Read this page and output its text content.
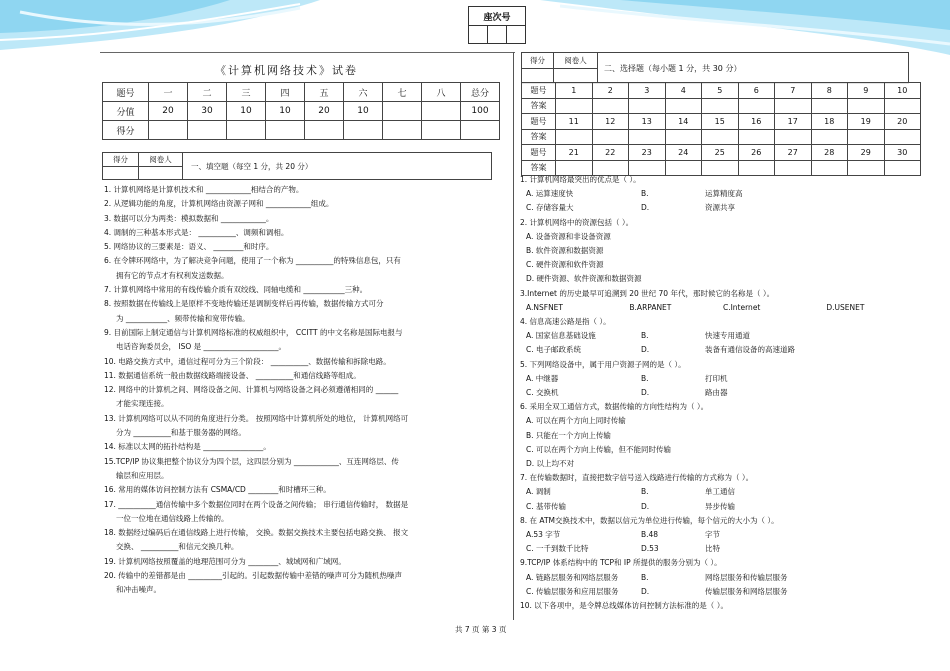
座次号
《计算机网络技术》试卷
题号	一	二	三	四	五	六	七	八	总分
分值	20	30	10	10	20	10			100
得分									
得分	阅卷人
一、填空题（每空 1 分，共 20 分）
1. 计算机网络是计算机技术和 ____________相结合的产物。
2. 从逻辑功能的角度，计算机网络由资源子网和 ____________组成。
3. 数据可以分为两类：模拟数据和 ____________。
4. 调制的三种基本形式是： __________、调频和调相。
5. 网络协议的三要素是：语义、 ________和时序。
6. 在令牌环网络中，为了解决竞争问题，使用了一个称为 __________的特殊信息包，只有
拥有它的节点才有权利发送数据。
7. 计算机网络中常用的有线传输介质有双绞线、同轴电缆和 ___________三种。
8. 按照数据在传输线上是原样不变地传输还是调制变样后再传输，数据传输方式可分
为 ___________、频带传输和宽带传输。
9. 目前国际上制定通信与计算机网络标准的权威组织中， CCITT 的中文名称是国际电报与
电话咨询委员会， ISO 是 ____________________。
10. 电路交换方式中，通信过程可分为三个阶段： __________、数据传输和拆除电路。
11. 数据通信系统一般由数据线路端接设备、 __________和通信线路等组成。
12. 网络中的计算机之间、网络设备之间、计算机与网络设备之间必须遵循相同的 ______
才能实现连接。
13. 计算机网络可以从不同的角度进行分类。 按照网络中计算机所处的地位， 计算机网络可
分为 __________和基于服务器的网络。
14. 标准以太网的拓扑结构是 ________________。
15.TCP/IP 协议集把整个协议分为四个层，这四层分别为 ____________、互连网络层、传
输层和应用层。
16. 常用的媒体访问控制方法有 CSMA/CD ________和时槽环三种。
17. __________通信传输中多个数据位同时在两个设备之间传输； 串行通信传输时， 数据是
一位一位地在通信线路上传输的。
18. 数据经过编码后在通信线路上进行传输， 交换。数据交换技术主要包括电路交换、 报文
交换、 __________和信元交换几种。
19. 计算机网络按照覆盖的地理范围可分为 ________、城域网和广域网。
20. 传输中的差错都是由 _________引起的。引起数据传输中差错的噪声可分为随机热噪声
和冲击噪声。
得分	阅卷人
二、选择题（每小题 1 分，共 30 分）
题号	1	2	3	4	5	6	7	8	9	10
答案										
题号	11	12	13	14	15	16	17	18	19	20
答案										
题号	21	22	23	24	25	26	27	28	29	30
答案										
1. 计算机网络最突出的优点是（ ）。
A. 运算速度快	B.	运算精度高
C. 存储容量大	D.	资源共享
2. 计算机网络中的资源包括（ ）。
A. 设备资源和非设备资源
B. 软件资源和数据资源
C. 硬件资源和软件资源
D. 硬件资源、软件资源和数据资源
3.Internet 的历史最早可追溯到 20 世纪 70 年代，那时候它的名称是（ ）。
A.NSFNET	B.ARPANET	C.Internet	D.USENET
4. 信息高速公路是指（ ）。
A. 国家信息基础设施	B.	快速专用通道
C. 电子邮政系统	D.	装备有通信设备的高速道路
5. 下列网络设备中，属于用户资源子网的是（ ）。
A. 中继器	B.	打印机
C. 交换机	D.	路由器
6. 采用全双工通信方式，数据传输的方向性结构为（ ）。
A. 可以在两个方向上同时传输
B. 只能在一个方向上传输
C. 可以在两个方向上传输，但不能同时传输
D. 以上均不对
7. 在传输数据时，直接把数字信号送入线路进行传输的方式称为（ ）。
A. 调制	B.	单工通信
C. 基带传输	D.	异步传输
8. 在 ATM交换技术中，数据以信元为单位进行传输，每个信元的大小为（ ）。
A.53 字节	B.48	字节
C. 一千到数千比特	D.53	比特
9.TCP/IP 体系结构中的 TCP和 IP 所提供的服务分别为（ ）。
A. 链路层服务和网络层服务	B.	网络层服务和传输层服务
C. 传输层服务和应用层服务	D.	传输层服务和网络层服务
10. 以下各项中，是令牌总线媒体访问控制方法标准的是（ ）。
共 7 页 第 3 页
